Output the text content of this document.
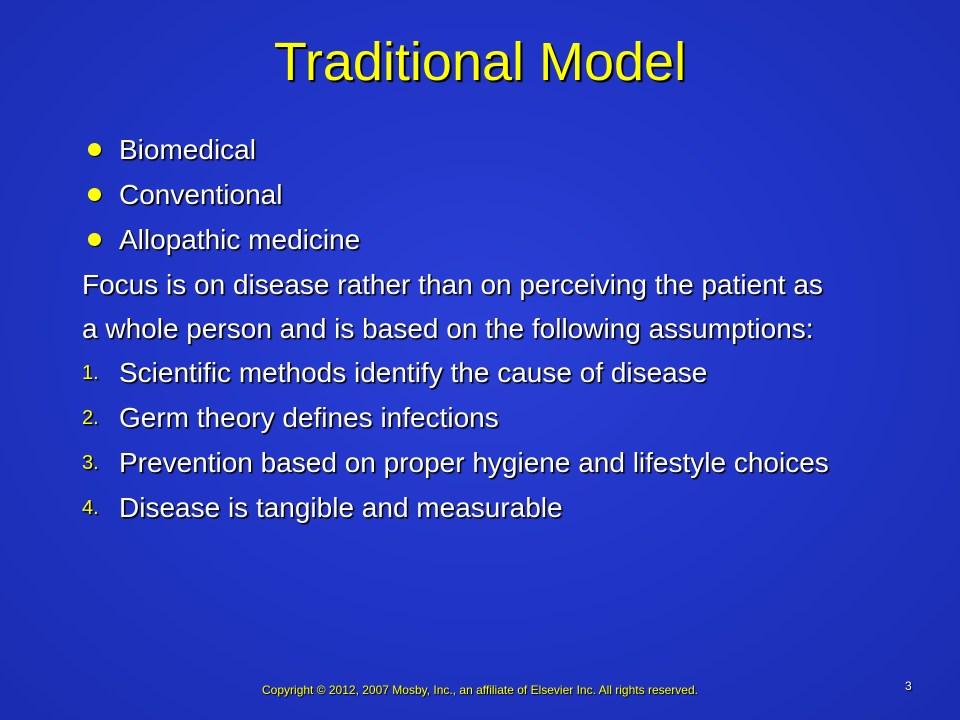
Traditional Model
Biomedical
Conventional
Allopathic medicine
Focus is on disease rather than on perceiving the patient as
a whole person and is based on the following assumptions:
1. Scientific methods identify the cause of disease
2. Germ theory defines infections
3. Prevention based on proper hygiene and lifestyle choices
4. Disease is tangible and measurable
Copyright © 2012, 2007 Mosby, Inc., an affiliate of Elsevier Inc. All rights reserved.	3
